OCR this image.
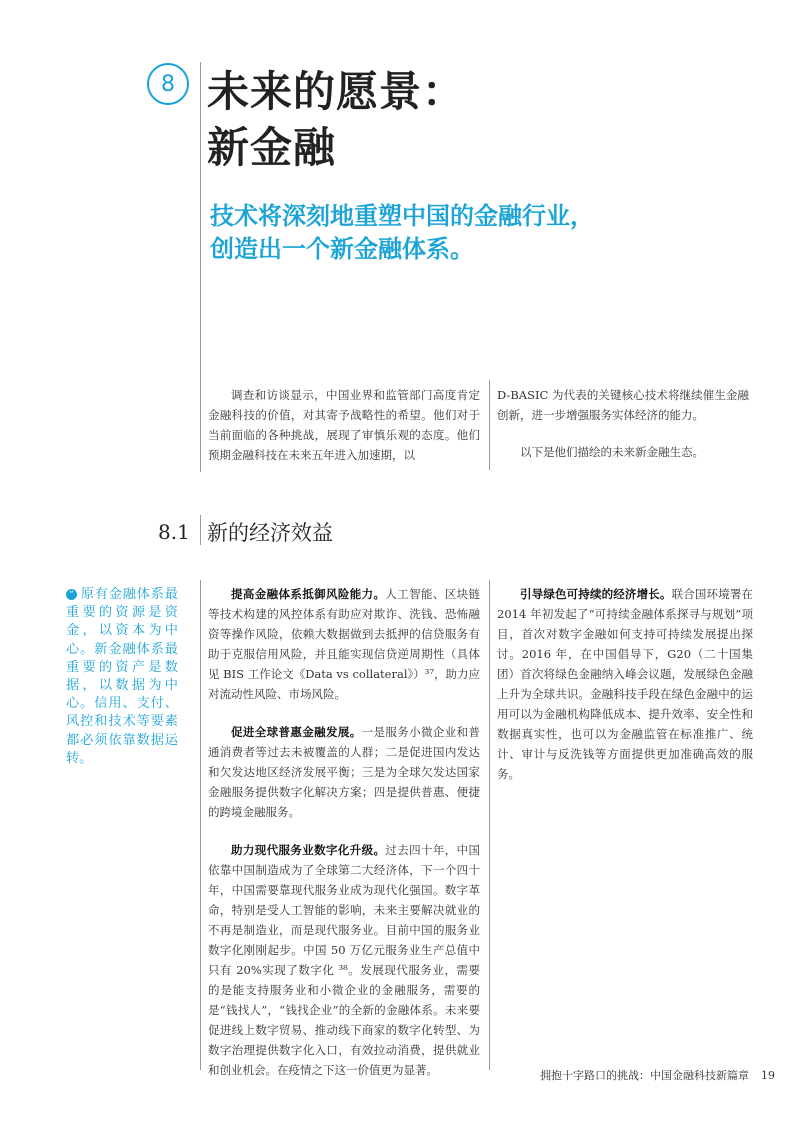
8 未来的愿景：
新金融
技术将深刻地重塑中国的金融行业，
创造出一个新金融体系。

调查和访谈显示，中国业界和监管部门高度肯定金融科技的价值，对其寄予战略性的希望。他们对于当前面临的各种挑战，展现了审慎乐观的态度。他们预期金融科技在未来五年进入加速期，以

D-BASIC 为代表的关键核心技术将继续催生金融创新，进一步增强服务实体经济的能力。

以下是他们描绘的未来新金融生态。

8.1 新的经济效益
“ 原有金融体系最重要的资源是资金，以资本为中心。新金融体系最重要的资产是数据，以数据为中心。信用、支付、风控和技术等要素都必须依靠数据运转。

提高金融体系抵御风险能力。人工智能、区块链等技术构建的风控体系有助应对欺诈、洗钱、恐怖融资等操作风险，依赖大数据做到去抵押的信贷服务有助于克服信用风险，并且能实现信贷逆周期性（具体见 BIS 工作论文《Data vs collateral》）³⁷，助力应对流动性风险、市场风险。

促进全球普惠金融发展。一是服务小微企业和普通消费者等过去未被覆盖的人群；二是促进国内发达和欠发达地区经济发展平衡；三是为全球欠发达国家金融服务提供数字化解决方案；四是提供普惠、便捷的跨境金融服务。

助力现代服务业数字化升级。过去四十年，中国依靠中国制造成为了全球第二大经济体，下一个四十年，中国需要靠现代服务业成为现代化强国。数字革命，特别是受人工智能的影响，未来主要解决就业的不再是制造业，而是现代服务业。目前中国的服务业数字化刚刚起步。中国 50 万亿元服务业生产总值中只有 20%实现了数字化 ³⁸。发展现代服务业，需要的是能支持服务业和小微企业的金融服务，需要的是“钱找人”，“钱找企业”的全新的金融体系。未来要促进线上数字贸易、推动线下商家的数字化转型、为数字治理提供数字化入口，有效拉动消费，提供就业和创业机会。在疫情之下这一价值更为显著。

引导绿色可持续的经济增长。联合国环境署在 2014 年初发起了“可持续金融体系探寻与规划”项目，首次对数字金融如何支持可持续发展提出探讨。2016 年，在中国倡导下，G20（二十国集团）首次将绿色金融纳入峰会议题，发展绿色金融上升为全球共识。金融科技手段在绿色金融中的运用可以为金融机构降低成本、提升效率、安全性和数据真实性，也可以为金融监管在标准推广、统计、审计与反洗钱等方面提供更加准确高效的服务。

拥抱十字路口的挑战：中国金融科技新篇章 19
